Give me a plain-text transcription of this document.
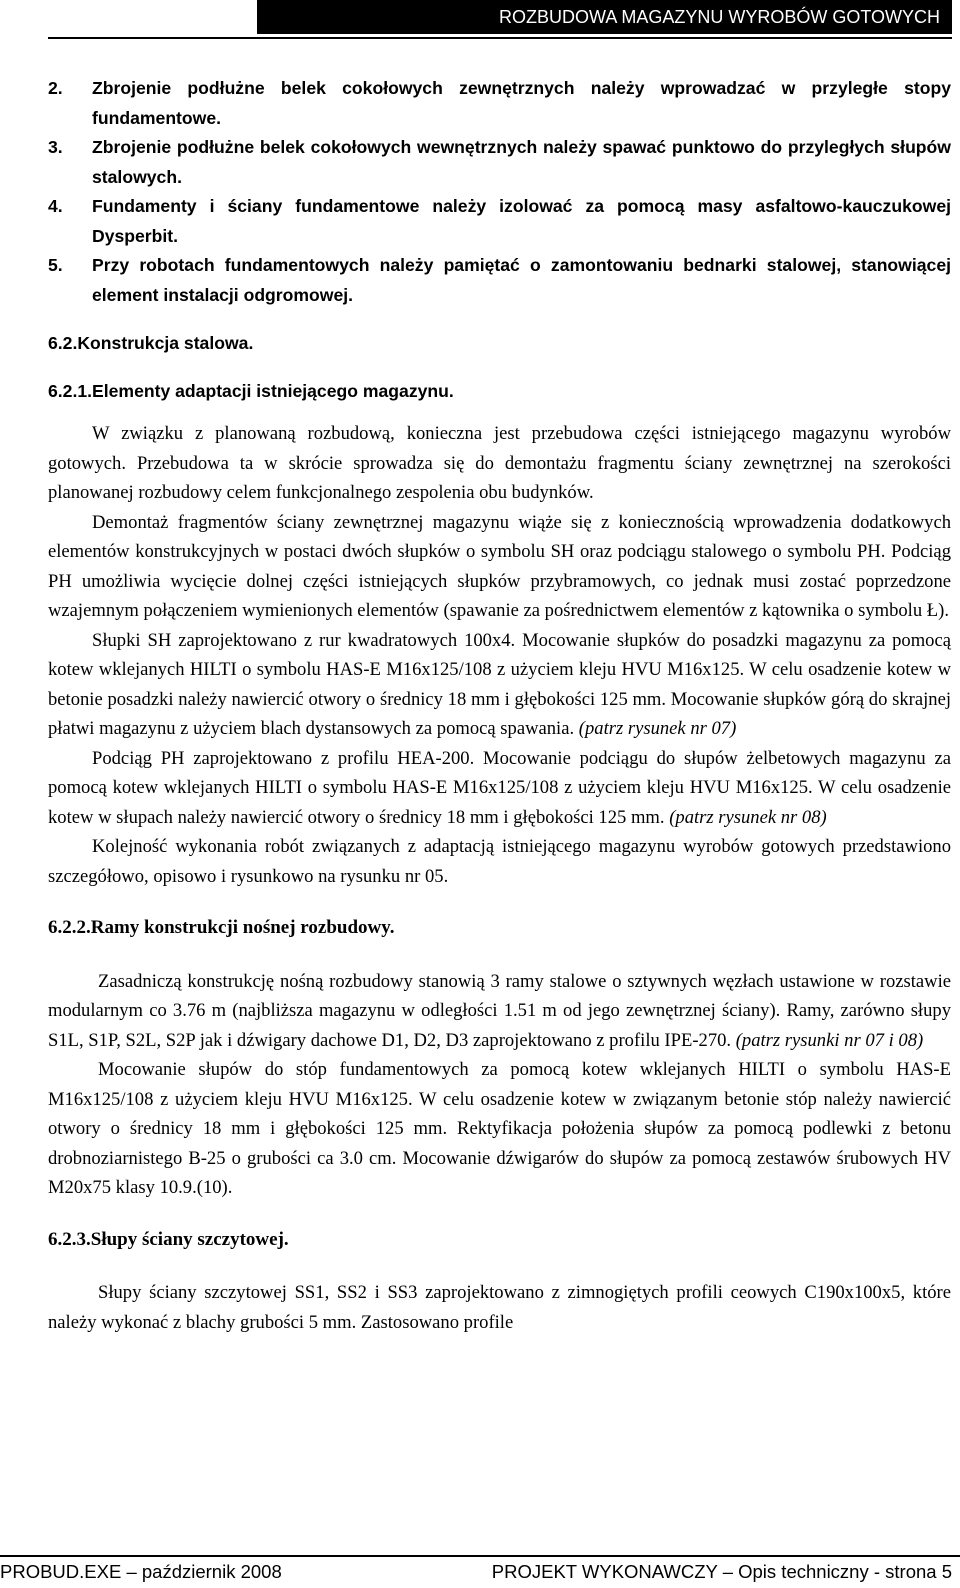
ROZBUDOWA MAGAZYNU WYROBÓW GOTOWYCH
2.	Zbrojenie podłużne belek cokołowych zewnętrznych należy wprowadzać w przyległe stopy fundamentowe.
3.	Zbrojenie podłużne belek cokołowych wewnętrznych należy spawać punktowo do przyległych słupów stalowych.
4.	Fundamenty i ściany fundamentowe należy izolować za pomocą masy asfaltowo-kauczukowej Dysperbit.
5.	Przy robotach fundamentowych należy pamiętać o zamontowaniu bednarki stalowej, stanowiącej element instalacji odgromowej.
6.2.Konstrukcja stalowa.
6.2.1.Elementy adaptacji istniejącego magazynu.

W związku z planowaną rozbudową, konieczna jest przebudowa części istniejącego magazynu wyrobów gotowych. Przebudowa ta w skrócie sprowadza się do demontażu fragmentu ściany zewnętrznej na szerokości planowanej rozbudowy celem funkcjonalnego zespolenia obu budynków.

Demontaż fragmentów ściany zewnętrznej magazynu wiąże się z koniecznością wprowadzenia dodatkowych elementów konstrukcyjnych w postaci dwóch słupków o symbolu SH oraz podciągu stalowego o symbolu PH. Podciąg PH umożliwia wycięcie dolnej części istniejących słupków przybramowych, co jednak musi zostać poprzedzone wzajemnym połączeniem wymienionych elementów (spawanie za pośrednictwem elementów z kątownika o symbolu Ł).

Słupki SH zaprojektowano z rur kwadratowych 100x4. Mocowanie słupków do posadzki magazynu za pomocą kotew wklejanych HILTI o symbolu HAS-E M16x125/108 z użyciem kleju HVU M16x125. W celu osadzenie kotew w betonie posadzki należy nawiercić otwory o średnicy 18 mm i głębokości 125 mm. Mocowanie słupków górą do skrajnej płatwi magazynu z użyciem blach dystansowych za pomocą spawania. (patrz rysunek nr 07)

Podciąg PH zaprojektowano z profilu HEA-200. Mocowanie podciągu do słupów żelbetowych magazynu za pomocą kotew wklejanych HILTI o symbolu HAS-E M16x125/108 z użyciem kleju HVU M16x125. W celu osadzenie kotew w słupach należy nawiercić otwory o średnicy 18 mm i głębokości 125 mm. (patrz rysunek nr 08)

Kolejność wykonania robót związanych z adaptacją istniejącego magazynu wyrobów gotowych przedstawiono szczegółowo, opisowo i rysunkowo na rysunku nr 05.

6.2.2.Ramy konstrukcji nośnej rozbudowy.

Zasadniczą konstrukcję nośną rozbudowy stanowią 3 ramy stalowe o sztywnych węzłach ustawione w rozstawie modularnym co 3.76 m (najbliższa magazynu w odległości 1.51 m od jego zewnętrznej ściany). Ramy, zarówno słupy S1L, S1P, S2L, S2P jak i dźwigary dachowe D1, D2, D3 zaprojektowano z profilu IPE-270. (patrz rysunki nr 07 i 08)

Mocowanie słupów do stóp fundamentowych za pomocą kotew wklejanych HILTI o symbolu HAS-E M16x125/108 z użyciem kleju HVU M16x125. W celu osadzenie kotew w związanym betonie stóp należy nawiercić otwory o średnicy 18 mm i głębokości 125 mm. Rektyfikacja położenia słupów za pomocą podlewki z betonu drobnoziarnistego B-25 o grubości ca 3.0 cm. Mocowanie dźwigarów do słupów za pomocą zestawów śrubowych HV M20x75 klasy 10.9.(10).

6.2.3.Słupy ściany szczytowej.

Słupy ściany szczytowej SS1, SS2 i SS3 zaprojektowano z zimnogiętych profili ceowych C190x100x5, które należy wykonać z blachy grubości 5 mm. Zastosowano profile

PROBUD.EXE – październik 2008	PROJEKT WYKONAWCZY – Opis techniczny - strona 5
